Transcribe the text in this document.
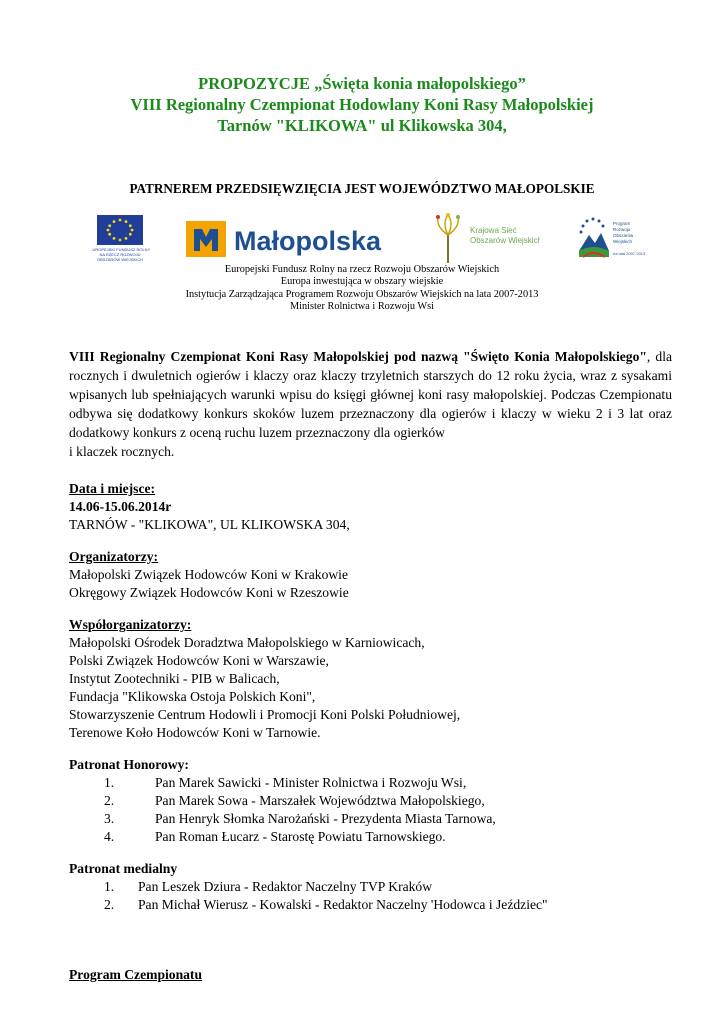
PROPOZYCJE „Święta konia małopolskiego”
VIII Regionalny Czempionat Hodowlany Koni Rasy Małopolskiej
Tarnów "KLIKOWA" ul Klikowska 304,
PATRNEREM PRZEDSIĘWZIĘCIA JEST WOJEWÓDZTWO MAŁOPOLSKIE
EUROPEJSKI FUNDUSZ ROLNY
NA RZECZ ROZWOJU
OBSZARÓW WIEJSKICH
Małopolska	Krajowa Sieć
Obszarów Wiejskich
Program
Rozwoju
Obszarów
Wiejskich
na lata 2007-2013
Europejski Fundusz Rolny na rzecz Rozwoju Obszarów Wiejskich
Europa inwestująca w obszary wiejskie
Instytucja Zarządzająca Programem Rozwoju Obszarów Wiejskich na lata 2007-2013
Minister Rolnictwa i Rozwoju Wsi
VIII Regionalny Czempionat Koni Rasy Małopolskiej pod nazwą "Święto Konia Małopolskiego", dla rocznych i dwuletnich ogierów i klaczy oraz klaczy trzyletnich starszych do 12 roku życia, wraz z sysakami wpisanych lub spełniających warunki wpisu do księgi głównej koni rasy małopolskiej. Podczas Czempionatu odbywa się dodatkowy konkurs skoków luzem przeznaczony dla ogierów i klaczy w wieku 2 i 3 lat oraz dodatkowy konkurs z oceną ruchu luzem przeznaczony dla ogierków
i klaczek rocznych.
Data i miejsce:
14.06-15.06.2014r
TARNÓW - "KLIKOWA", UL KLIKOWSKA 304,
Organizatorzy:
Małopolski Związek Hodowców Koni w Krakowie
Okręgowy Związek Hodowców Koni w Rzeszowie
Współorganizatorzy:
Małopolski Ośrodek Doradztwa Małopolskiego w Karniowicach,
Polski Związek Hodowców Koni w Warszawie,
Instytut Zootechniki - PIB w Balicach,
Fundacja "Klikowska Ostoja Polskich Koni",
Stowarzyszenie Centrum Hodowli i Promocji Koni Polski Południowej,
Terenowe Koło Hodowców Koni w Tarnowie.
Patronat Honorowy:
1.	Pan Marek Sawicki - Minister Rolnictwa i Rozwoju Wsi,
2.	Pan Marek Sowa - Marszałek Województwa Małopolskiego,
3.	Pan Henryk Słomka Narożański - Prezydenta Miasta Tarnowa,
4.	Pan Roman Łucarz - Starostę Powiatu Tarnowskiego.
Patronat medialny
1. Pan Leszek Dziura - Redaktor Naczelny TVP Kraków
2. Pan Michał Wierusz - Kowalski - Redaktor Naczelny 'Hodowca i Jeździec"
Program Czempionatu
